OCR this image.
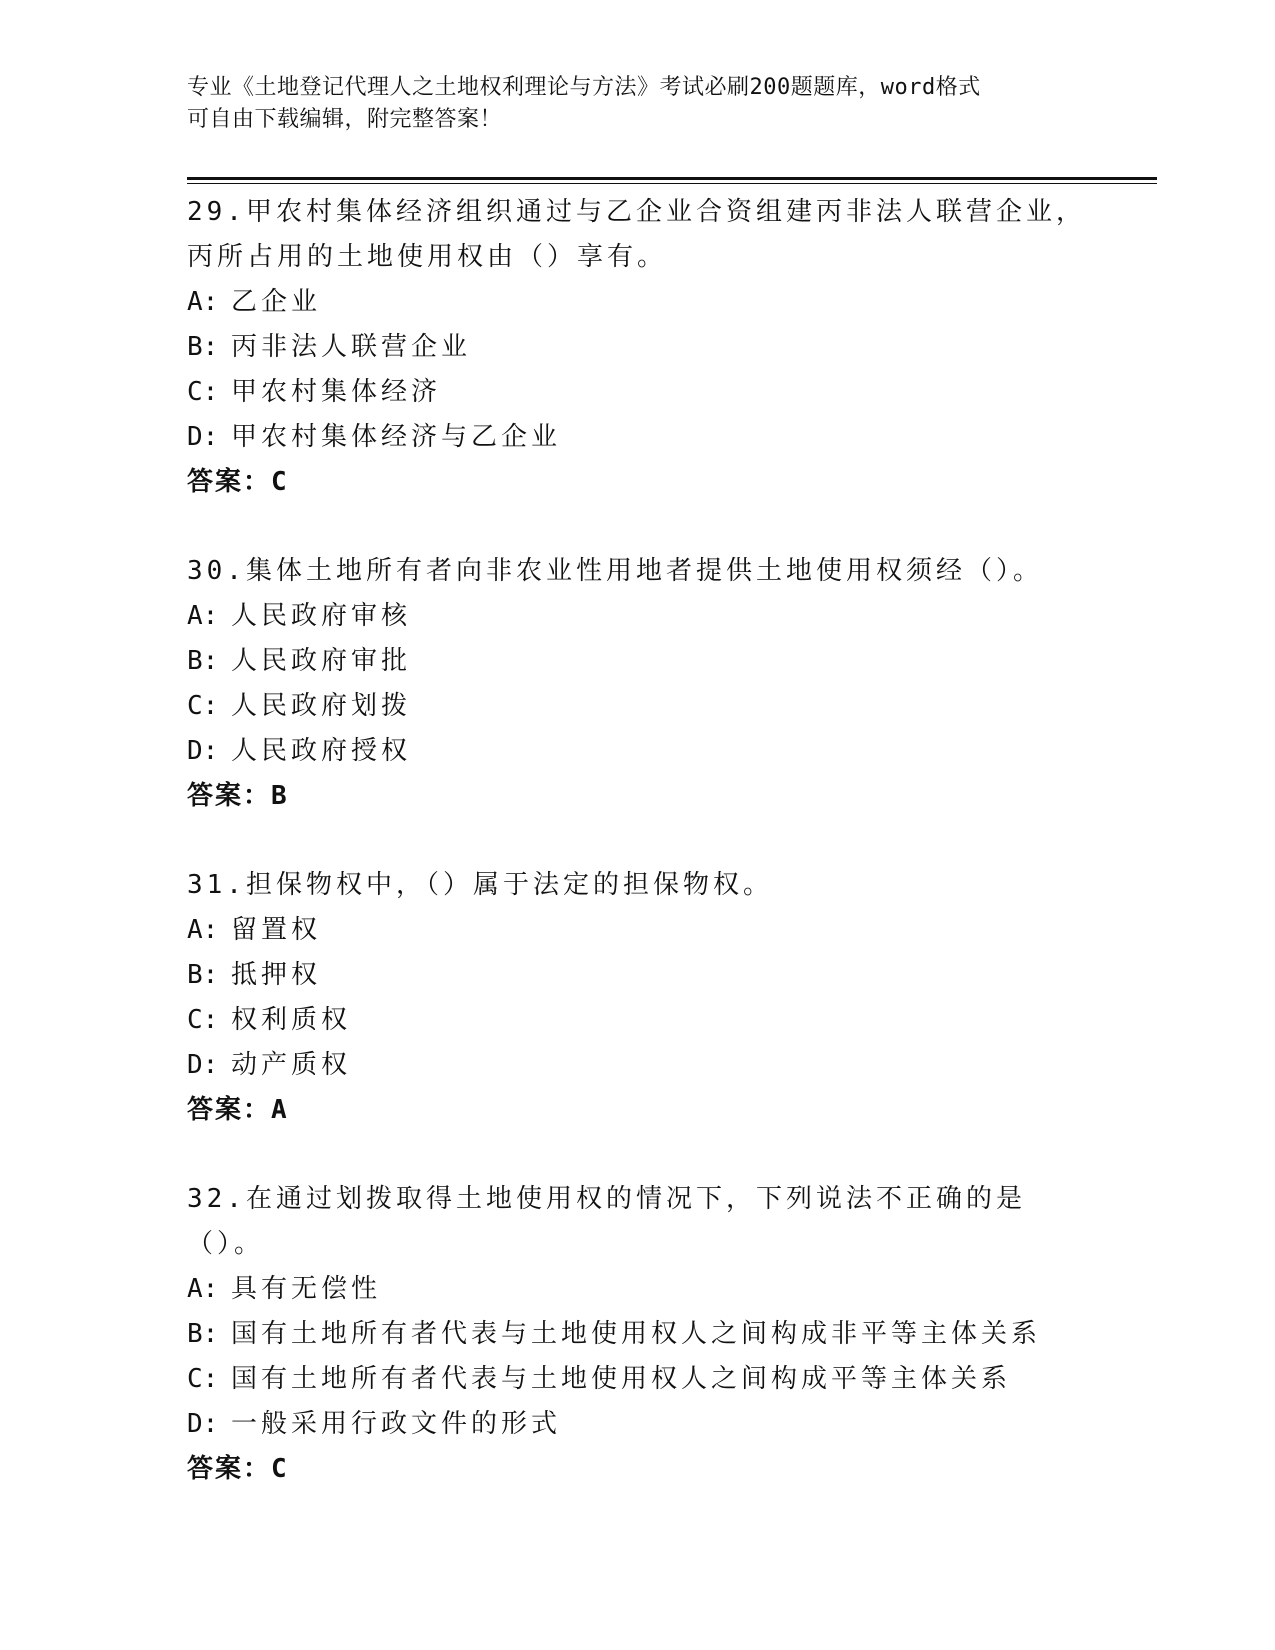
专业《土地登记代理人之土地权利理论与方法》考试必刷200题题库，word格式
可自由下载编辑，附完整答案！

29.甲农村集体经济组织通过与乙企业合资组建丙非法人联营企业，丙所占用的土地使用权由（）享有。

A: 乙企业
B: 丙非法人联营企业
C: 甲农村集体经济
D: 甲农村集体经济与乙企业
答案：C

30.集体土地所有者向非农业性用地者提供土地使用权须经（）。

A: 人民政府审核
B: 人民政府审批
C: 人民政府划拨
D: 人民政府授权
答案：B

31.担保物权中，（）属于法定的担保物权。

A: 留置权
B: 抵押权
C: 权利质权
D: 动产质权
答案：A

32.在通过划拨取得土地使用权的情况下，下列说法不正确的是（）。

A: 具有无偿性
B: 国有土地所有者代表与土地使用权人之间构成非平等主体关系
C: 国有土地所有者代表与土地使用权人之间构成平等主体关系
D: 一般采用行政文件的形式
答案：C
